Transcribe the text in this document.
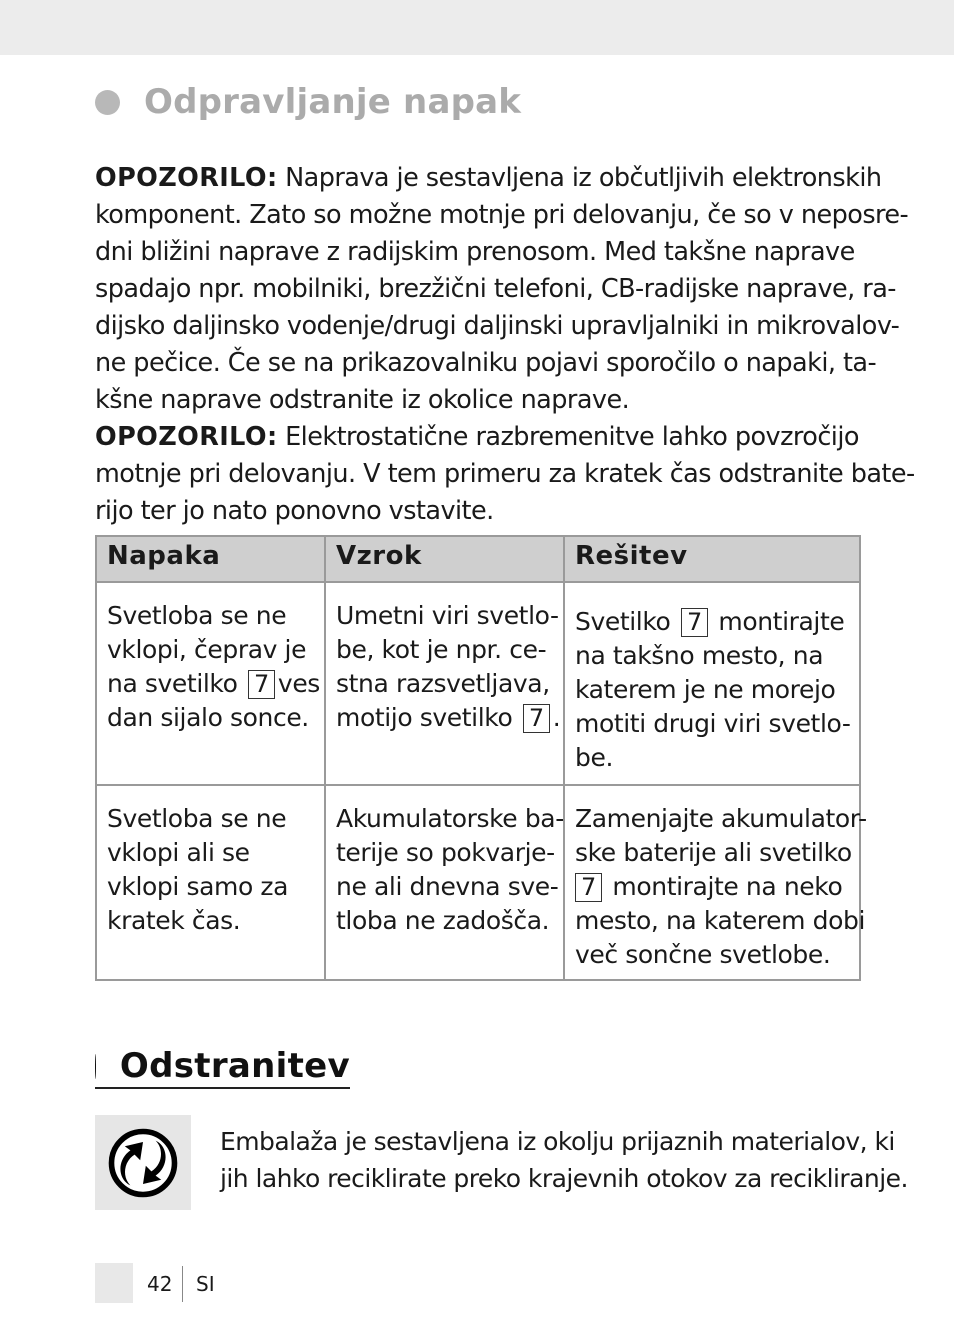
Odpravljanje napak
OPOZORILO: Naprava je sestavljena iz občutljivih elektronskih
komponent. Zato so možne motnje pri delovanju, če so v neposre-
dni bližini naprave z radijskim prenosom. Med takšne naprave
spadajo npr. mobilniki, brezžični telefoni, CB-radijske naprave, ra-
dijsko daljinsko vodenje/drugi daljinski upravljalniki in mikrovalov-
ne pečice. Če se na prikazovalniku pojavi sporočilo o napaki, ta-
kšne naprave odstranite iz okolice naprave.
OPOZORILO: Elektrostatične razbremenitve lahko povzročijo
motnje pri delovanju. V tem primeru za kratek čas odstranite bate-
rijo ter jo nato ponovno vstavite.
Napaka	Vzrok	Rešitev

Svetloba se ne
vklopi, čeprav je
na svetilko 7 ves
dan sijalo sonce.	Umetni viri svetlo-
be, kot je npr. ce-
stna razsvetljava,
motijo svetilko 7 .	Svetilko 7 montirajte
na takšno mesto, na
katerem je ne morejo
motiti drugi viri svetlo-
be.

Svetloba se ne
vklopi ali se
vklopi samo za
kratek čas.	Akumulatorske ba-
terije so pokvarje-
ne ali dnevna sve-
tloba ne zadošča.	Zamenjajte akumulator-
ske baterije ali svetilko
7 montirajte na neko
mesto, na katerem dobi
več sončne svetlobe.
Odstranitev
Embalaža je sestavljena iz okolju prijaznih materialov, ki
jih lahko reciklirate preko krajevnih otokov za recikliranje.
42 SI
